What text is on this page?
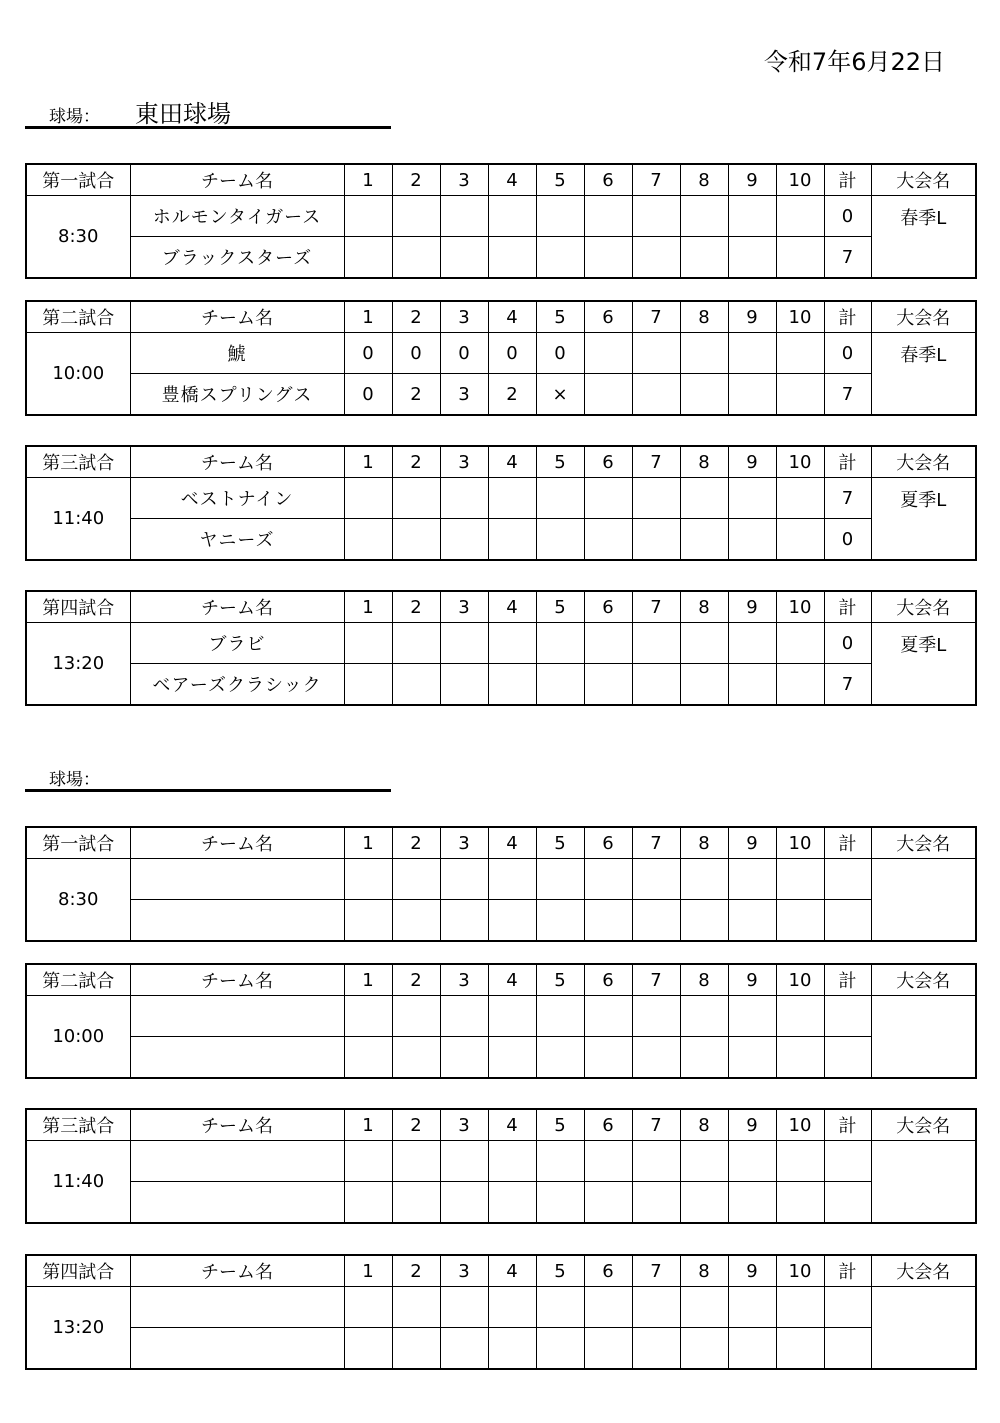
令和7年6月22日
球場： 東田球場
球場：
第一試合	チーム名	1	2	3	4	5	6	7	8	9	10	計	大会名
8:30	ホルモンタイガース											0	春季L
	ブラックスターズ											7	
第二試合	チーム名	1	2	3	4	5	6	7	8	9	10	計	大会名
10:00	鯱	0	0	0	0	0						0	春季L
	豊橋スプリングス	0	2	3	2	×						7	
第三試合	チーム名	1	2	3	4	5	6	7	8	9	10	計	大会名
11:40	ベストナイン											7	夏季L
	ヤニーズ											0	
第四試合	チーム名	1	2	3	4	5	6	7	8	9	10	計	大会名
13:20	ブラビ											0	夏季L
	ベアーズクラシック											7	
第一試合	チーム名	1	2	3	4	5	6	7	8	9	10	計	大会名
8:30													

第二試合	チーム名	1	2	3	4	5	6	7	8	9	10	計	大会名
10:00													

第三試合	チーム名	1	2	3	4	5	6	7	8	9	10	計	大会名
11:40													

第四試合	チーム名	1	2	3	4	5	6	7	8	9	10	計	大会名
13:20													
